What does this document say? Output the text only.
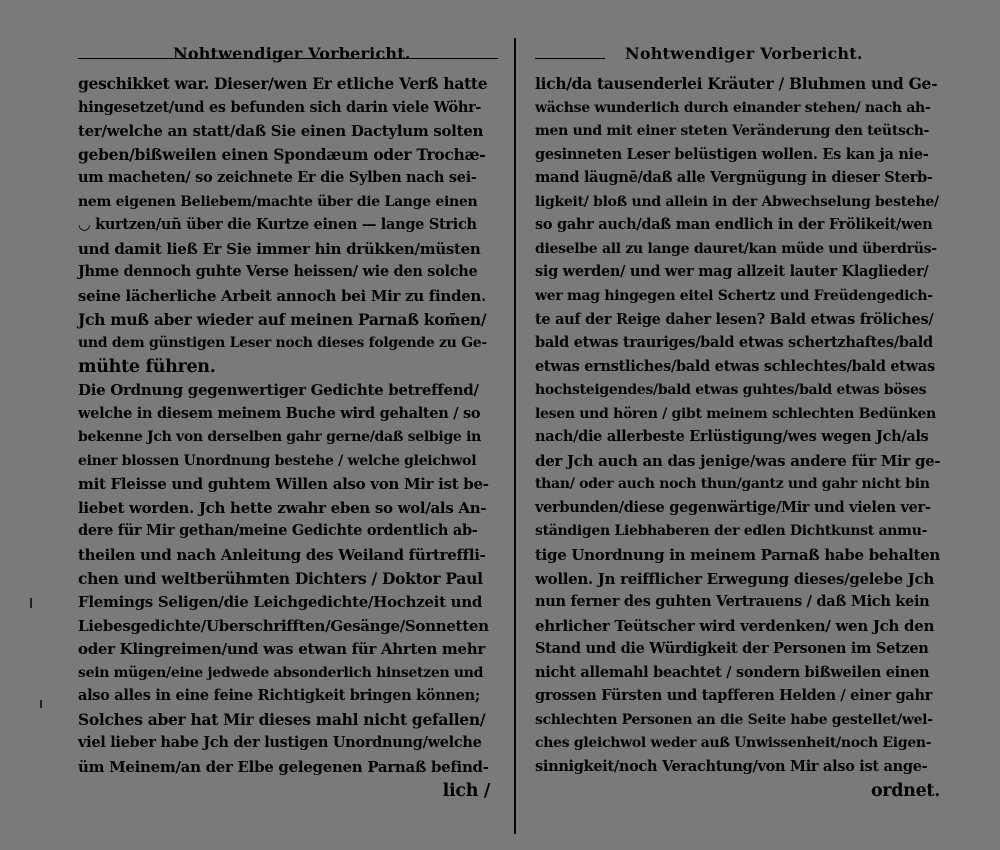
Nohtwendiger Vorbericht.
geschikket war. Dieser/wen Er etliche Verß hatte
hingesetzet/und es befunden sich darin viele Wöhr-
ter/welche an statt/daß Sie einen Dactylum solten
geben/bißweilen einen Spondæum oder Trochæ-
um macheten/ so zeichnete Er die Sylben nach sei-
nem eigenen Beliebem/machte über die Lange einen
◡ kurtzen/un̄ über die Kurtze einen — lange Strich
und damit ließ Er Sie immer hin drükken/müsten
Jhme dennoch guhte Verse heissen/ wie den solche
seine lächerliche Arbeit annoch bei Mir zu finden.
Jch muß aber wieder auf meinen Parnaß kom̄en/
und dem günstigen Leser noch dieses folgende zu Ge-
mühte führen.
Die Ordnung gegenwertiger Gedichte betreffend/
welche in diesem meinem Buche wird gehalten / so
bekenne Jch von derselben gahr gerne/daß selbige in
einer blossen Unordnung bestehe / welche gleichwol
mit Fleisse und guhtem Willen also von Mir ist be-
liebet worden. Jch hette zwahr eben so wol/als An-
dere für Mir gethan/meine Gedichte ordentlich ab-
theilen und nach Anleitung des Weiland fürtreffli-
chen und weltberühmten Dichters / Doktor Paul
Flemings Seligen/die Leichgedichte/Hochzeit und
Liebesgedichte/Uberschrifften/Gesänge/Sonnetten
oder Klingreimen/und was etwan für Ahrten mehr
sein mügen/eine jedwede absonderlich hinsetzen und
also alles in eine feine Richtigkeit bringen können;
Solches aber hat Mir dieses mahl nicht gefallen/
viel lieber habe Jch der lustigen Unordnung/welche
üm Meinem/an der Elbe gelegenen Parnaß befind-
lich /
Nohtwendiger Vorbericht.
lich/da tausenderlei Kräuter / Bluhmen und Ge-
wächse wunderlich durch einander stehen/ nach ah-
men und mit einer steten Veränderung den teütsch-
gesinneten Leser belüstigen wollen. Es kan ja nie-
mand läugnē/daß alle Vergnügung in dieser Sterb-
ligkeit/ bloß und allein in der Abwechselung bestehe/
so gahr auch/daß man endlich in der Frölikeit/wen
dieselbe all zu lange dauret/kan müde und überdrüs-
sig werden/ und wer mag allzeit lauter Klaglieder/
wer mag hingegen eitel Schertz und Freüdengedich-
te auf der Reige daher lesen? Bald etwas fröliches/
bald etwas trauriges/bald etwas schertzhaftes/bald
etwas ernstliches/bald etwas schlechtes/bald etwas
hochsteigendes/bald etwas guhtes/bald etwas böses
lesen und hören / gibt meinem schlechten Bedünken
nach/die allerbeste Erlüstigung/wes wegen Jch/als
der Jch auch an das jenige/was andere für Mir ge-
than/ oder auch noch thun/gantz und gahr nicht bin
verbunden/diese gegenwärtige/Mir und vielen ver-
ständigen Liebhaberen der edlen Dichtkunst anmu-
tige Unordnung in meinem Parnaß habe behalten
wollen. Jn reifflicher Erwegung dieses/gelebe Jch
nun ferner des guhten Vertrauens / daß Mich kein
ehrlicher Teütscher wird verdenken/ wen Jch den
Stand und die Würdigkeit der Personen im Setzen
nicht allemahl beachtet / sondern bißweilen einen
grossen Fürsten und tapfferen Helden / einer gahr
schlechten Personen an die Seite habe gestellet/wel-
ches gleichwol weder auß Unwissenheit/noch Eigen-
sinnigkeit/noch Verachtung/von Mir also ist ange-
ordnet.
